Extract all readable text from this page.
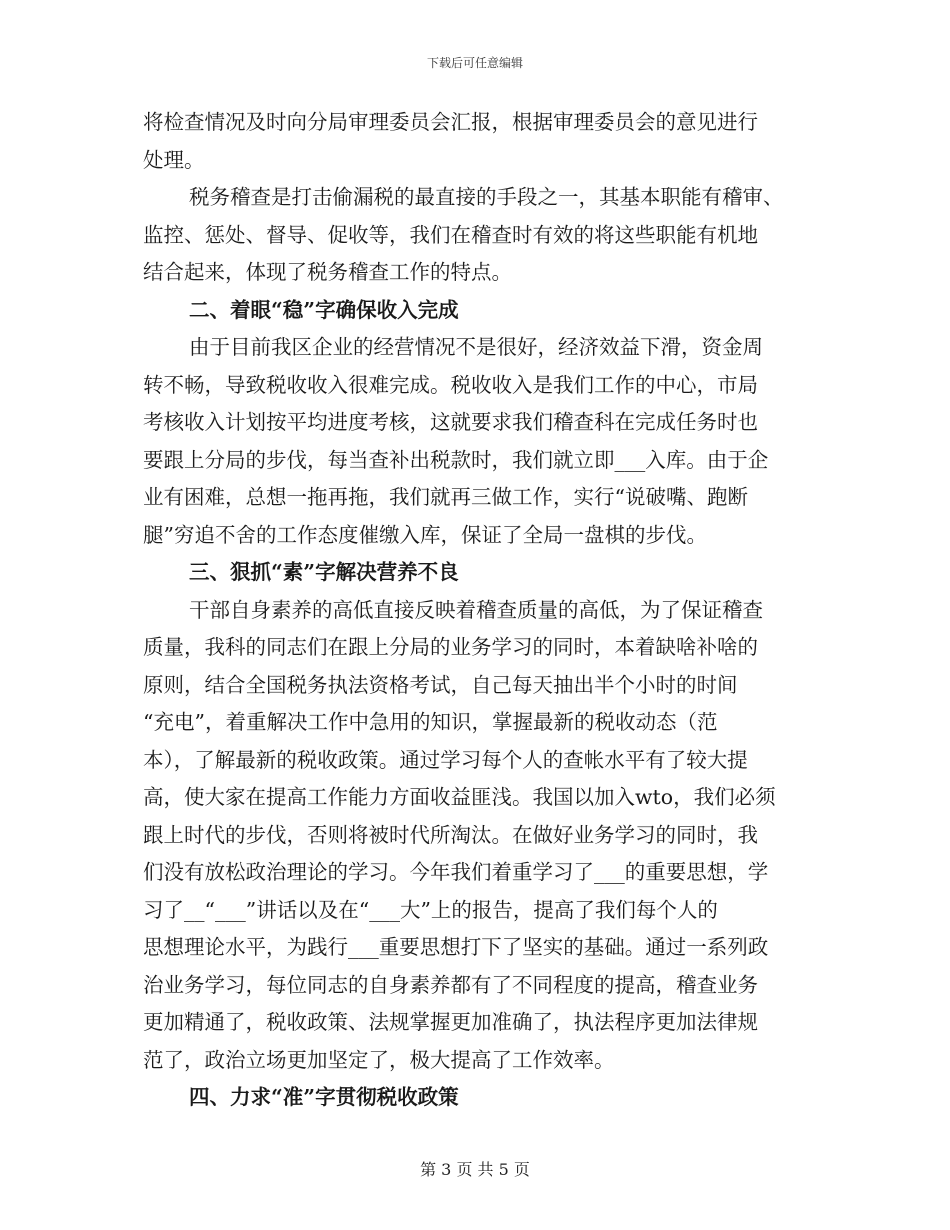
下载后可任意编辑
将检查情况及时向分局审理委员会汇报，根据审理委员会的意见进行
处理。
税务稽查是打击偷漏税的最直接的手段之一，其基本职能有稽审、
监控、惩处、督导、促收等，我们在稽查时有效的将这些职能有机地
结合起来，体现了税务稽查工作的特点。
二、着眼“稳”字确保收入完成
由于目前我区企业的经营情况不是很好，经济效益下滑，资金周
转不畅，导致税收收入很难完成。税收收入是我们工作的中心，市局
考核收入计划按平均进度考核，这就要求我们稽查科在完成任务时也
要跟上分局的步伐，每当查补出税款时，我们就立即___入库。由于企
业有困难，总想一拖再拖，我们就再三做工作，实行“说破嘴、跑断
腿”穷追不舍的工作态度催缴入库，保证了全局一盘棋的步伐。
三、狠抓“素”字解决营养不良
干部自身素养的高低直接反映着稽查质量的高低，为了保证稽查
质量，我科的同志们在跟上分局的业务学习的同时，本着缺啥补啥的
原则，结合全国税务执法资格考试，自己每天抽出半个小时的时间
“充电”，着重解决工作中急用的知识，掌握最新的税收动态（范
本），了解最新的税收政策。通过学习每个人的查帐水平有了较大提
高，使大家在提高工作能力方面收益匪浅。我国以加入wto，我们必须
跟上时代的步伐，否则将被时代所淘汰。在做好业务学习的同时，我
们没有放松政治理论的学习。今年我们着重学习了___的重要思想，学
习了__“___”讲话以及在“___大”上的报告，提高了我们每个人的
思想理论水平，为践行___重要思想打下了坚实的基础。通过一系列政
治业务学习，每位同志的自身素养都有了不同程度的提高，稽查业务
更加精通了，税收政策、法规掌握更加准确了，执法程序更加法律规
范了，政治立场更加坚定了，极大提高了工作效率。
四、力求“准”字贯彻税收政策
第 3 页 共 5 页
